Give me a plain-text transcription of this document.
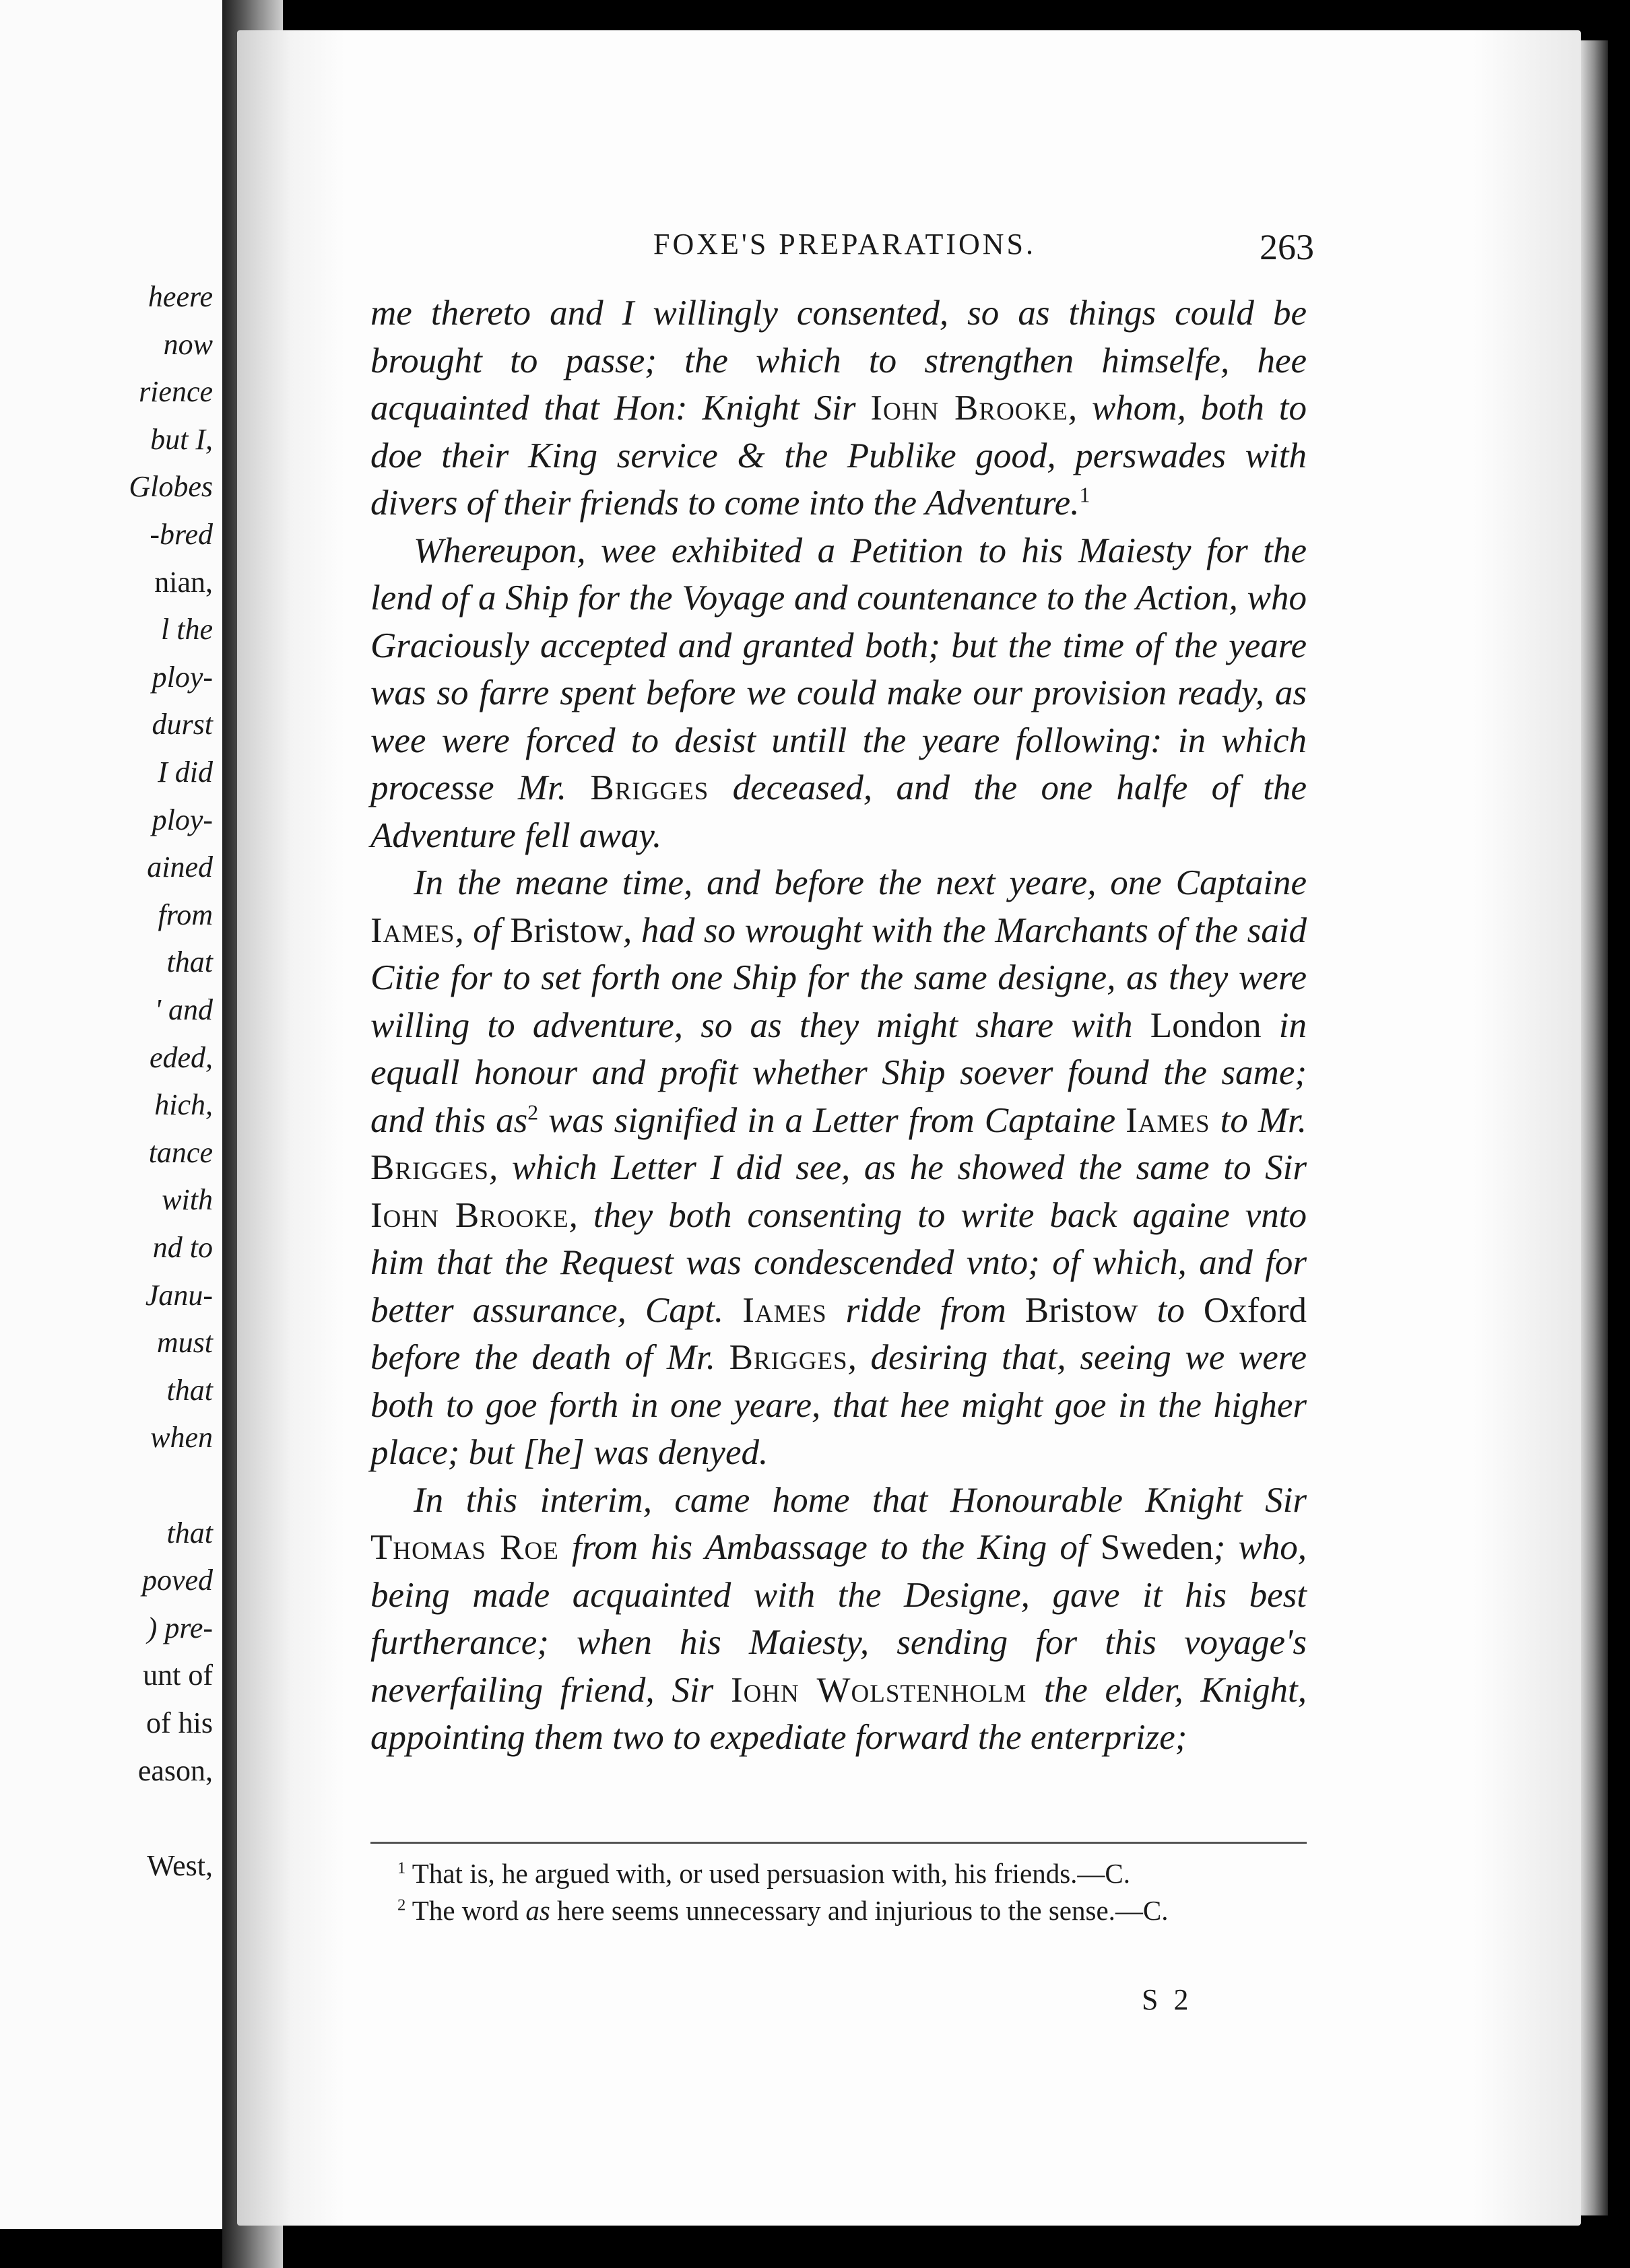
heere
now
rience
but I,
Globes
-bred
nian,
l the
ploy-
durst
I did
ploy-
ained
from
that
' and
eded,
hich,
tance
with
nd to
Janu-
must
that
when
that
poved
) pre-
unt of
of his
eason,
West,
FOXE'S PREPARATIONS.	263

me thereto and I willingly consented, so as things could be brought to passe; the which to strengthen himselfe, hee acquainted that Hon: Knight Sir Iohn Brooke, whom, both to doe their King service & the Publike good, perswades with divers of their friends to come into the Adventure.$^1$

Whereupon, wee exhibited a Petition to his Maiesty for the lend of a Ship for the Voyage and countenance to the Action, who Graciously accepted and granted both; but the time of the yeare was so farre spent before we could make our provision ready, as wee were forced to desist untill the yeare following: in which processe Mr. Brigges deceased, and the one halfe of the Adventure fell away.

In the meane time, and before the next yeare, one Captaine Iames, of Bristow, had so wrought with the Marchants of the said Citie for to set forth one Ship for the same designe, as they were willing to adventure, so as they might share with London in equall honour and profit whether Ship soever found the same; and this $as^2$ was signified in a Letter from Captaine Iames to Mr. Brigges, which Letter I did see, as he showed the same to Sir Iohn Brooke, they both consenting to write back againe vnto him that the Request was condescended vnto; of which, and for better assurance, Capt. Iames ridde from Bristow to Oxford before the death of Mr. Brigges, desiring that, seeing we were both to goe forth in one yeare, that hee might goe in the higher place; but [he] was denyed.

In this interim, came home that Honourable Knight Sir Thomas Roe from his Ambassage to the King of Sweden; who, being made acquainted with the Designe, gave it his best furtherance; when his Maiesty, sending for this voyage's neverfailing friend, Sir Iohn Wolstenholm the elder, Knight, appointing them two to expediate forward the enterprize;

$^1$ That is, he argued with, or used persuasion with, his friends.—C.

$^2$ The word as here seems unnecessary and injurious to the sense.—C.

S 2
